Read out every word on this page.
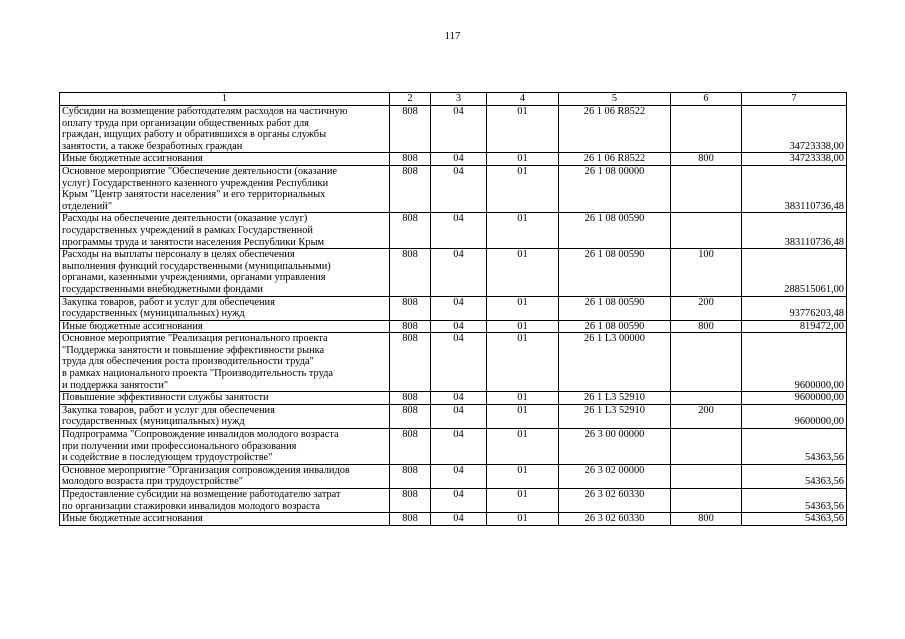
117
1	2	3	4	5	6	7
Субсидии на возмещение работодателям расходов на частичную
оплату труда при организации общественных работ для
граждан, ищущих работу и обратившихся в органы службы
занятости, а также безработных граждан	808	04	01	26 1 06 R8522		34723338,00
Иные бюджетные ассигнования	808	04	01	26 1 06 R8522	800	34723338,00
Основное мероприятие "Обеспечение деятельности (оказание
услуг) Государственного казенного учреждения Республики
Крым "Центр занятости населения" и его территориальных
отделений"	808	04	01	26 1 08 00000		383110736,48
Расходы на обеспечение деятельности (оказание услуг)
государственных учреждений в рамках Государственной
программы труда и занятости населения Республики Крым	808	04	01	26 1 08 00590		383110736,48
Расходы на выплаты персоналу в целях обеспечения
выполнения функций государственными (муниципальными)
органами, казенными учреждениями, органами управления
государственными внебюджетными фондами	808	04	01	26 1 08 00590	100	288515061,00
Закупка товаров, работ и услуг для обеспечения
государственных (муниципальных) нужд	808	04	01	26 1 08 00590	200	93776203,48
Иные бюджетные ассигнования	808	04	01	26 1 08 00590	800	819472,00
Основное мероприятие "Реализация регионального проекта
"Поддержка занятости и повышение эффективности рынка
труда для обеспечения роста производительности труда"
в рамках национального проекта "Производительность труда
и поддержка занятости"	808	04	01	26 1 L3 00000		9600000,00
Повышение эффективности службы занятости	808	04	01	26 1 L3 52910		9600000,00
Закупка товаров, работ и услуг для обеспечения
государственных (муниципальных) нужд	808	04	01	26 1 L3 52910	200	9600000,00
Подпрограмма "Сопровождение инвалидов молодого возраста
при получении ими профессионального образования
и содействие в последующем трудоустройстве"	808	04	01	26 3 00 00000		54363,56
Основное мероприятие "Организация сопровождения инвалидов
молодого возраста при трудоустройстве"	808	04	01	26 3 02 00000		54363,56
Предоставление субсидии на возмещение работодателю затрат
по организации стажировки инвалидов молодого возраста	808	04	01	26 3 02 60330		54363,56
Иные бюджетные ассигнования	808	04	01	26 3 02 60330	800	54363,56
